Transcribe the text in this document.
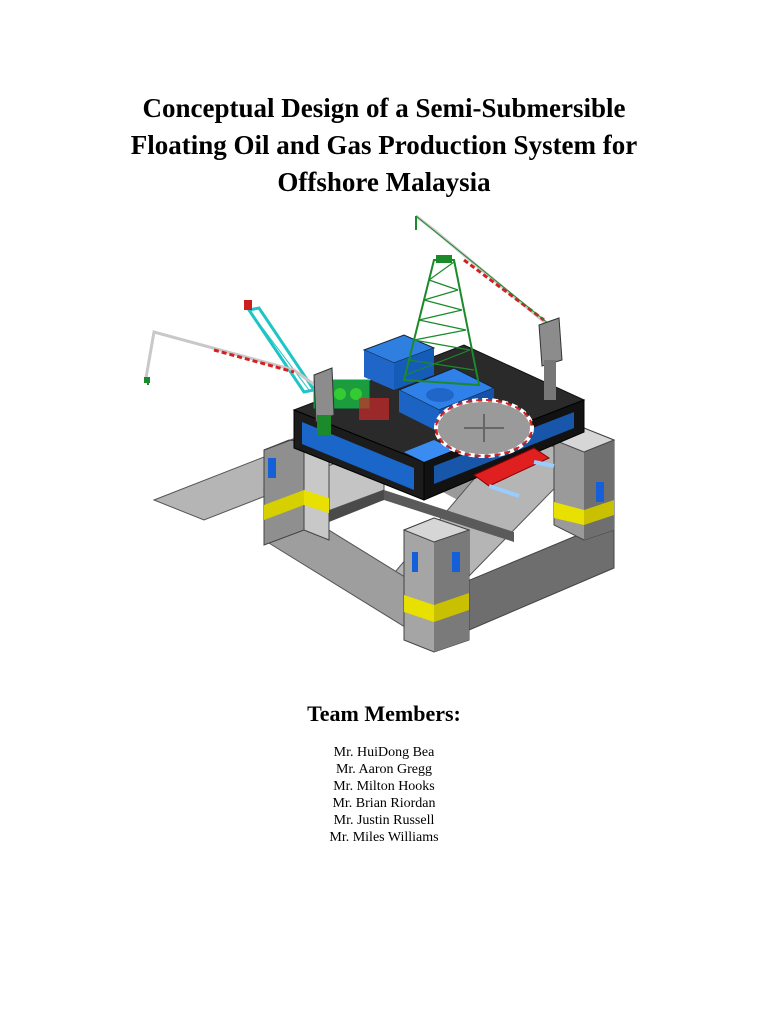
Conceptual Design of a Semi-Submersible
Floating Oil and Gas Production System for
Offshore Malaysia
Team Members:
Mr. HuiDong Bea
Mr. Aaron Gregg
Mr. Milton Hooks
Mr. Brian Riordan
Mr. Justin Russell
Mr. Miles Williams
